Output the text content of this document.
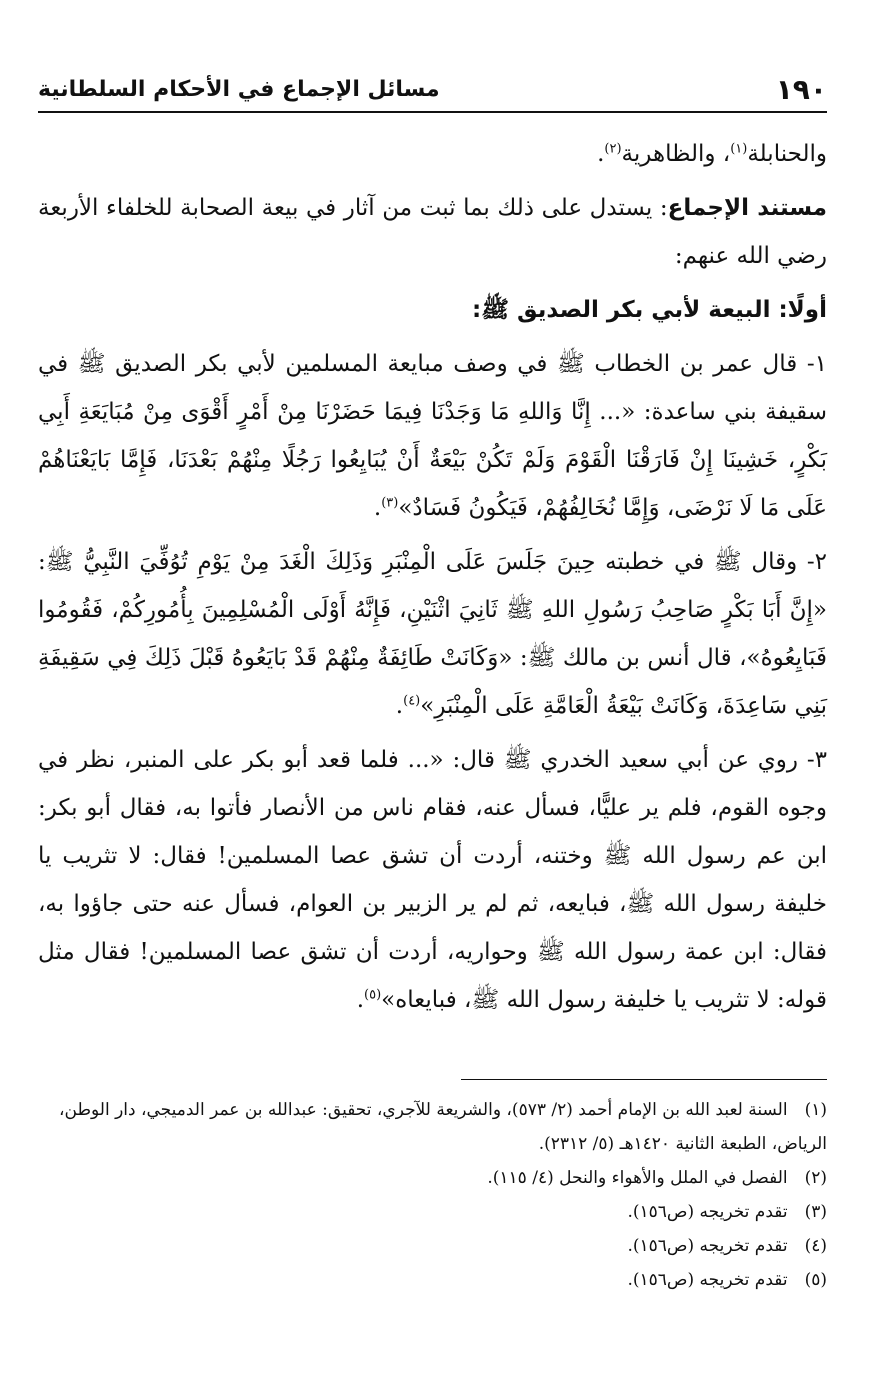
١٩٠
مسائل الإجماع في الأحكام السلطانية

والحنابلة$^{(١)}$، والظاهرية$^{(٢)}$.

مستند الإجماع: يستدل على ذلك بما ثبت من آثار في بيعة الصحابة للخلفاء الأربعة رضي الله عنهم:

أولًا: البيعة لأبي بكر الصديق ﷺ:

١- قال عمر بن الخطاب ﷺ في وصف مبايعة المسلمين لأبي بكر الصديق ﷺ في سقيفة بني ساعدة: «... إِنَّا وَاللهِ مَا وَجَدْنَا فِيمَا حَضَرْنَا مِنْ أَمْرٍ أَقْوَى مِنْ مُبَايَعَةِ أَبِي بَكْرٍ، خَشِينَا إِنْ فَارَقْنَا الْقَوْمَ وَلَمْ تَكُنْ بَيْعَةٌ أَنْ يُبَايِعُوا رَجُلًا مِنْهُمْ بَعْدَنَا، فَإِمَّا بَايَعْنَاهُمْ عَلَى مَا لَا نَرْضَى، وَإِمَّا نُخَالِفُهُمْ، فَيَكُونُ فَسَادٌ»$^{(٣)}$.

٢- وقال ﷺ في خطبته حِينَ جَلَسَ عَلَى الْمِنْبَرِ وَذَلِكَ الْغَدَ مِنْ يَوْمِ تُوُفِّيَ النَّبِيُّ ﷺ: «إِنَّ أَبَا بَكْرٍ صَاحِبُ رَسُولِ اللهِ ﷺ ثَانِيَ اثْنَيْنِ، فَإِنَّهُ أَوْلَى الْمُسْلِمِينَ بِأُمُورِكُمْ، فَقُومُوا فَبَايِعُوهُ»، قال أنس بن مالك ﷺ: «وَكَانَتْ طَائِفَةٌ مِنْهُمْ قَدْ بَايَعُوهُ قَبْلَ ذَلِكَ فِي سَقِيفَةِ بَنِي سَاعِدَةَ، وَكَانَتْ بَيْعَةُ الْعَامَّةِ عَلَى الْمِنْبَرِ»$^{(٤)}$.

٣- روي عن أبي سعيد الخدري ﷺ قال: «... فلما قعد أبو بكر على المنبر، نظر في وجوه القوم، فلم ير عليًّا، فسأل عنه، فقام ناس من الأنصار فأتوا به، فقال أبو بكر: ابن عم رسول الله ﷺ وختنه، أردت أن تشق عصا المسلمين! فقال: لا تثريب يا خليفة رسول الله ﷺ، فبايعه، ثم لم ير الزبير بن العوام، فسأل عنه حتى جاؤوا به، فقال: ابن عمة رسول الله ﷺ وحواريه، أردت أن تشق عصا المسلمين! فقال مثل قوله: لا تثريب يا خليفة رسول الله ﷺ، فبايعاه»$^{(٥)}$.

(١) السنة لعبد الله بن الإمام أحمد (٢/ ٥٧٣)، والشريعة للآجري، تحقيق: عبدالله بن عمر الدميجي، دار الوطن، الرياض، الطبعة الثانية ١٤٢٠هـ (٥/ ٢٣١٢).

(٢) الفصل في الملل والأهواء والنحل (٤/ ١١٥).

(٣) تقدم تخريجه (ص١٥٦).

(٤) تقدم تخريجه (ص١٥٦).

(٥) تقدم تخريجه (ص١٥٦).
